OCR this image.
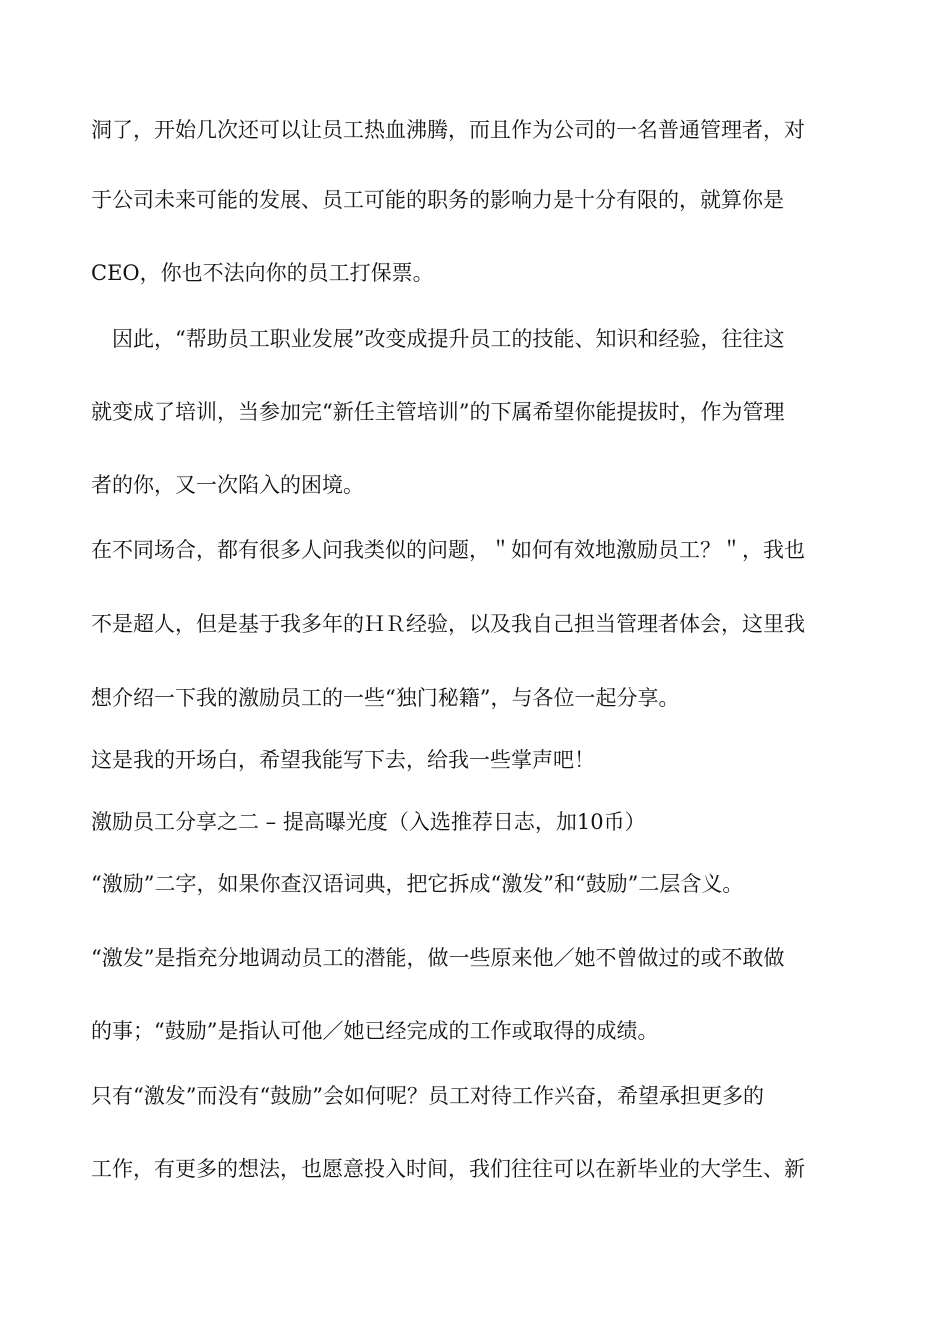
洞了，开始几次还可以让员工热血沸腾，而且作为公司的一名普通管理者，对
于公司未来可能的发展、员工可能的职务的影响力是十分有限的，就算你是
CEO，你也不法向你的员工打保票。
因此，“帮助员工职业发展”改变成提升员工的技能、知识和经验，往往这
就变成了培训，当参加完“新任主管培训”的下属希望你能提拔时，作为管理
者的你，又一次陷入的困境。
在不同场合，都有很多人问我类似的问题，＂如何有效地激励员工？＂，我也
不是超人，但是基于我多年的ＨＲ经验，以及我自己担当管理者体会，这里我
想介绍一下我的激励员工的一些“独门秘籍”，与各位一起分享。
这是我的开场白，希望我能写下去，给我一些掌声吧！
激励员工分享之二 – 提高曝光度（入选推荐日志，加10币）
“激励”二字，如果你查汉语词典，把它拆成“激发”和“鼓励”二层含义。
“激发”是指充分地调动员工的潜能，做一些原来他／她不曾做过的或不敢做
的事；“鼓励”是指认可他／她已经完成的工作或取得的成绩。
只有“激发”而没有“鼓励”会如何呢？员工对待工作兴奋，希望承担更多的
工作，有更多的想法，也愿意投入时间，我们往往可以在新毕业的大学生、新
